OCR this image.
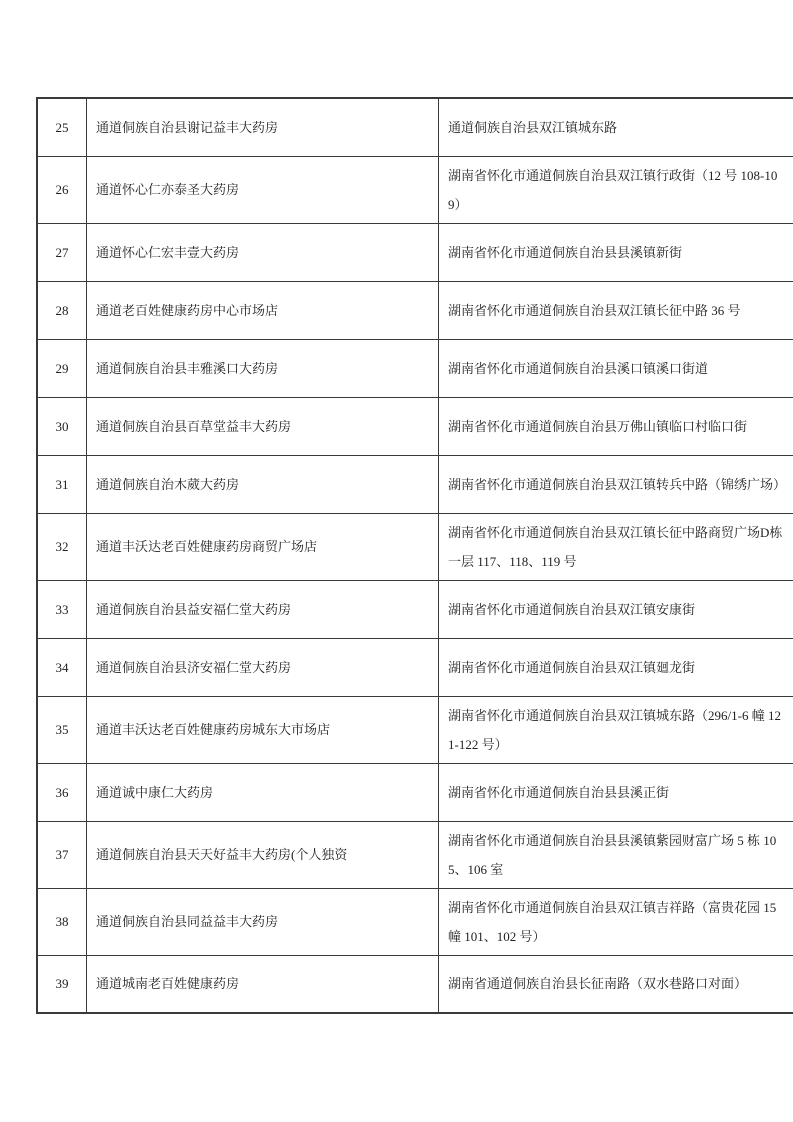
25	通道侗族自治县谢记益丰大药房	通道侗族自治县双江镇城东路
26	通道怀心仁亦泰圣大药房	湖南省怀化市通道侗族自治县双江镇行政街（12 号 108-109）
27	通道怀心仁宏丰壹大药房	湖南省怀化市通道侗族自治县县溪镇新街
28	通道老百姓健康药房中心市场店	湖南省怀化市通道侗族自治县双江镇长征中路 36 号
29	通道侗族自治县丰雅溪口大药房	湖南省怀化市通道侗族自治县溪口镇溪口街道
30	通道侗族自治县百草堂益丰大药房	湖南省怀化市通道侗族自治县万佛山镇临口村临口街
31	通道侗族自治木葳大药房	湖南省怀化市通道侗族自治县双江镇转兵中路（锦绣广场）
32	通道丰沃达老百姓健康药房商贸广场店	湖南省怀化市通道侗族自治县双江镇长征中路商贸广场D栋一层 117、118、119 号
33	通道侗族自治县益安福仁堂大药房	湖南省怀化市通道侗族自治县双江镇安康街
34	通道侗族自治县济安福仁堂大药房	湖南省怀化市通道侗族自治县双江镇廻龙街
35	通道丰沃达老百姓健康药房城东大市场店	湖南省怀化市通道侗族自治县双江镇城东路（296/1-6 幢 121-122 号）
36	通道诚中康仁大药房	湖南省怀化市通道侗族自治县县溪正街
37	通道侗族自治县天天好益丰大药房(个人独资	湖南省怀化市通道侗族自治县县溪镇紫园财富广场 5 栋 105、106 室
38	通道侗族自治县同益益丰大药房	湖南省怀化市通道侗族自治县双江镇吉祥路（富贵花园 15 幢 101、102 号）
39	通道城南老百姓健康药房	湖南省通道侗族自治县长征南路（双水巷路口对面）
